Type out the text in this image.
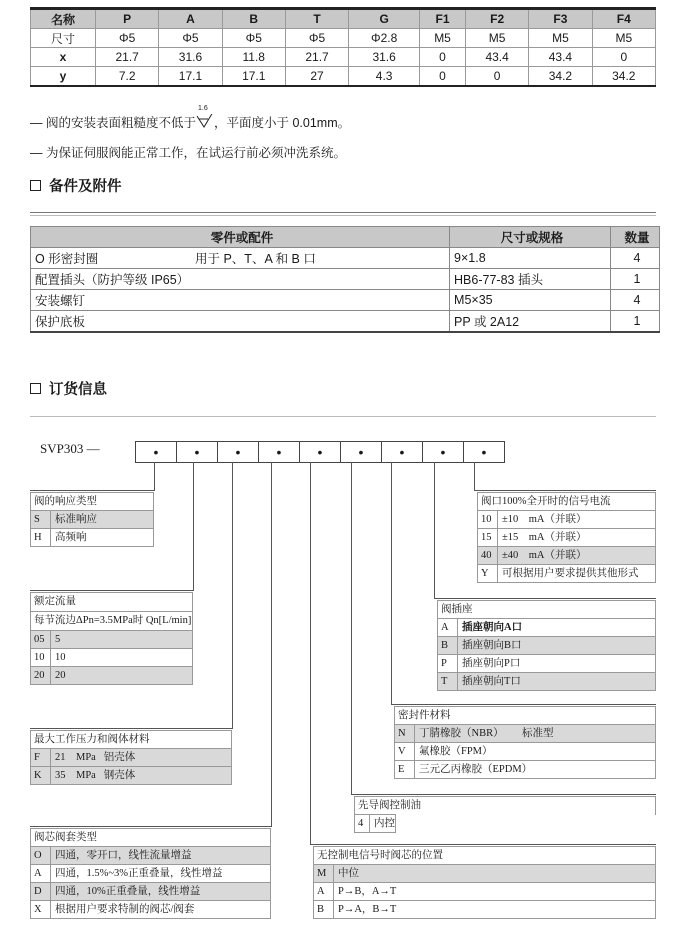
名称	P	A	B	T	G	F1	F2	F3	F4
尺寸	Φ5	Φ5	Φ5	Φ5	Φ2.8	M5	M5	M5	M5
x	21.7	31.6	11.8	21.7	31.6	0	43.4	43.4	0
y	7.2	17.1	17.1	27	4.3	0	0	34.2	34.2
— 阀的安装表面粗糙度不低于
1.6
，平面度小于 0.01mm。
— 为保证伺服阀能正常工作，在试运行前必须冲洗系统。
备件及附件
零件或配件		尺寸或规格	数量
O 形密封圈	用于 P、T、A 和 B 口	9×1.8	4
配置插头（防护等级 IP65）		HB6-77-83 插头	1
安装螺钉		M5×35	4
保护底板		PP 或 2A12	1
订货信息
SVP303 —	•	•	•	•	•	•	•	•	•
阀的响应类型
S	标准响应
H	高频响
额定流量
每节流边ΔPn=3.5MPa时 Qn[L/min]
05	5
10	10
20	20
最大工作压力和阀体材料
F	21    MPa   铝壳体
K	35    MPa   钢壳体
阀芯阀套类型
O	四通，零开口，线性流量增益
A	四通，1.5%~3%正重叠量，线性增益
D	四通，10%正重叠量，线性增益
X	根据用户要求特制的阀芯/阀套
阀口100%全开时的信号电流
10	±10    mA（并联）
15	±15    mA（并联）
40	±40    mA（并联）
Y	可根据用户要求提供其他形式
阀插座
A	插座朝向A口
B	插座朝向B口
P	插座朝向P口
T	插座朝向T口
密封件材料
N	丁腈橡胶（NBR）       标准型
V	氟橡胶（FPM）
E	三元乙丙橡胶（EPDM）
先导阀控制油
4	内控
无控制电信号时阀芯的位置
M	中位
A	P→B，A→T
B	P→A，B→T
